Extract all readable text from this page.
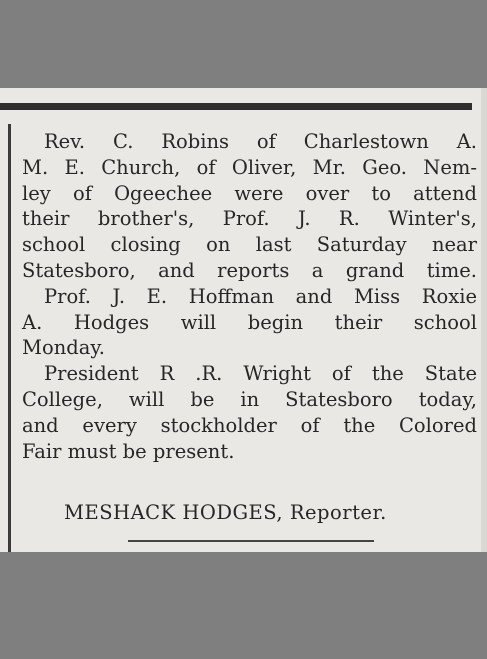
Rev. C. Robins of Charlestown A.
M. E. Church, of Oliver, Mr. Geo. Nem-
ley of Ogeechee were over to attend
their brother's, Prof. J. R. Winter's,
school closing on last Saturday near
Statesboro, and reports a grand time.
Prof. J. E. Hoffman and Miss Roxie
A. Hodges will begin their school
Monday.
President R .R. Wright of the State
College, will be in Statesboro today,
and every stockholder of the Colored
Fair must be present.
MESHACK HODGES, Reporter.
